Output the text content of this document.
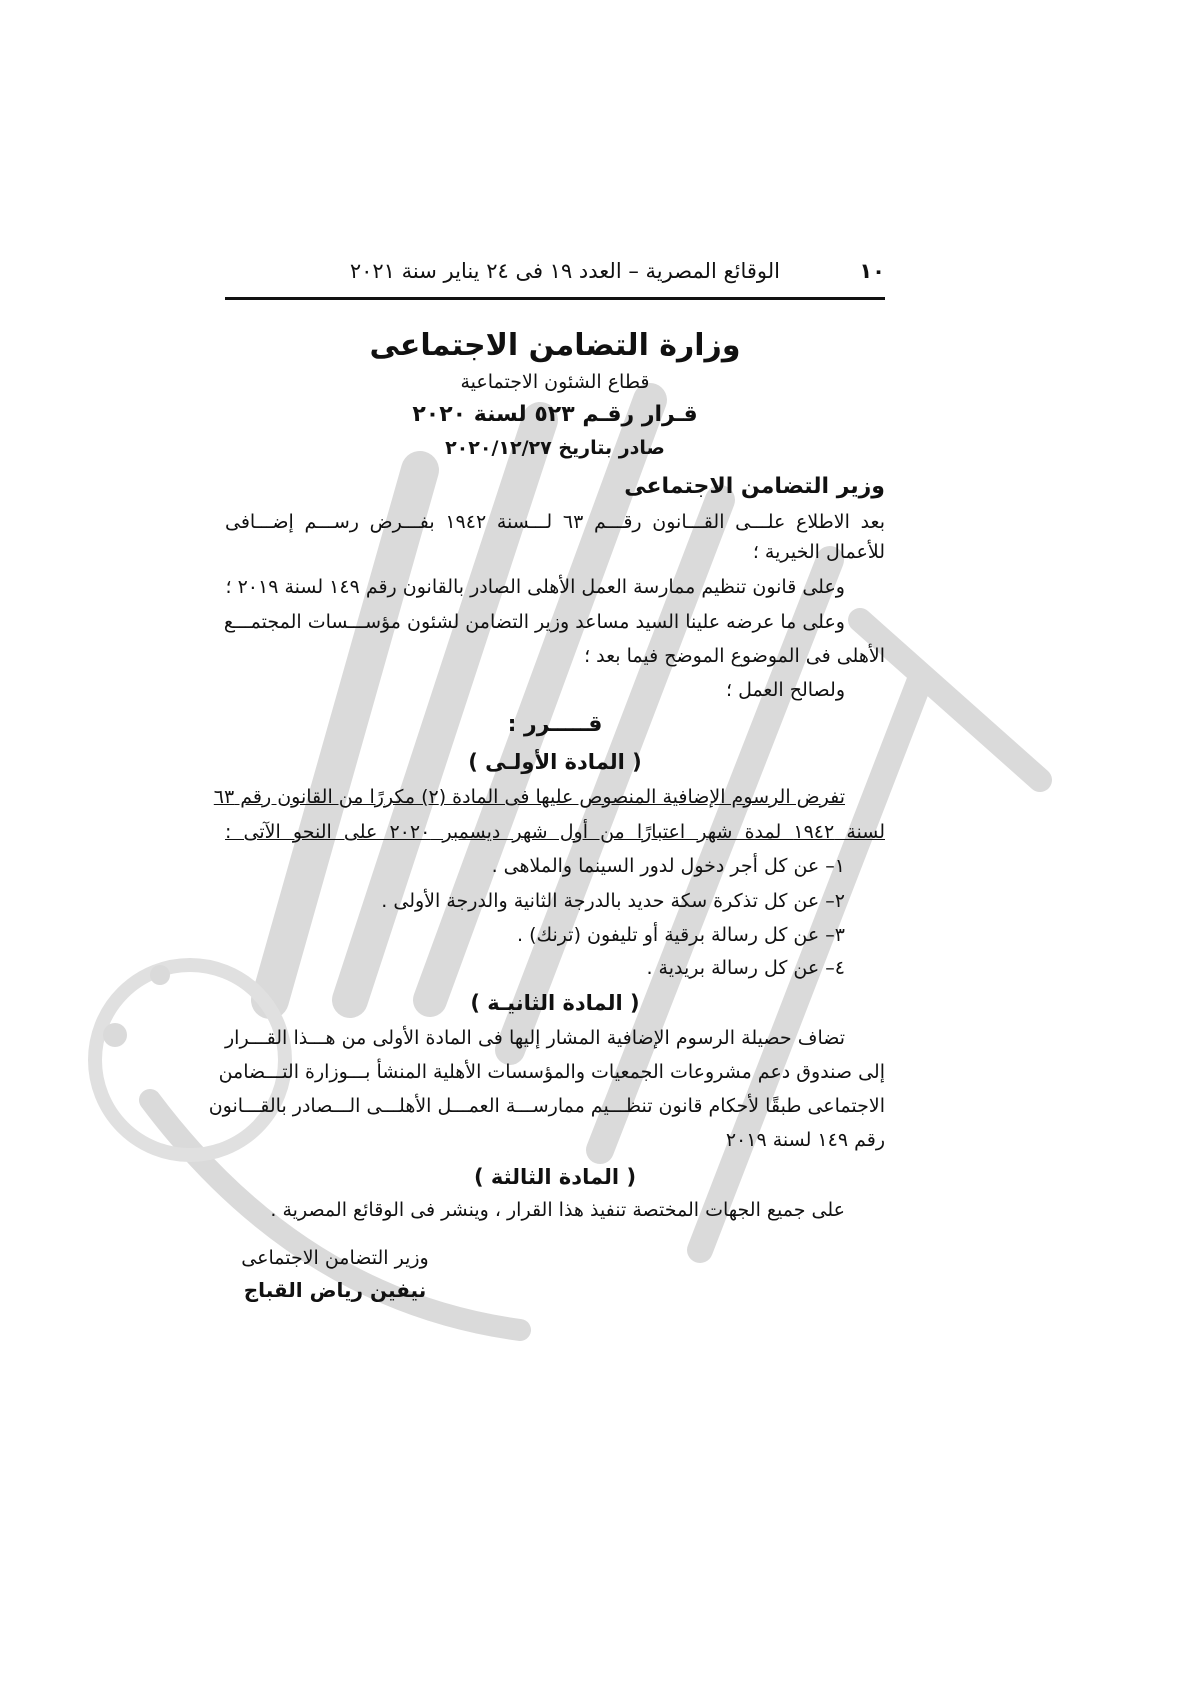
١٠
الوقائع المصرية – العدد ١٩ فى ٢٤ يناير سنة ٢٠٢١
وزارة التضامن الاجتماعى
قطاع الشئون الاجتماعية
قـرار رقـم ٥٢٣ لسنة ٢٠٢٠
صادر بتاريخ ٢٠٢٠/١٢/٢٧
وزير التضامن الاجتماعى
بعد الاطلاع علـــى القـــانون رقـــم ٦٣ لـــسنة ١٩٤٢ بفـــرض رســـم إضـــافى
للأعمال الخيرية ؛
وعلى قانون تنظيم ممارسة العمل الأهلى الصادر بالقانون رقم ١٤٩ لسنة ٢٠١٩ ؛
وعلى ما عرضه علينا السيد مساعد وزير التضامن لشئون مؤســـسات المجتمـــع
الأهلى فى الموضوع الموضح فيما بعد ؛
ولصالح العمل ؛
قـــــرر :
( المادة الأولـى )
تفرض الرسوم الإضافية المنصوص عليها فى المادة (٢) مكررًا من القانون رقم ٦٣
لسنة ١٩٤٢ لمدة شهر اعتبارًا من أول شهر ديسمبر ٢٠٢٠ على النحو الآتى :
١– عن كل أجر دخول لدور السينما والملاهى .
٢– عن كل تذكرة سكة حديد بالدرجة الثانية والدرجة الأولى .
٣– عن كل رسالة برقية أو تليفون (ترنك) .
٤– عن كل رسالة بريدية .
( المادة الثانيـة )
تضاف حصيلة الرسوم الإضافية المشار إليها فى المادة الأولى من هـــذا القـــرار
إلى صندوق دعم مشروعات الجمعيات والمؤسسات الأهلية المنشأ بـــوزارة التـــضامن
الاجتماعى طبقًا لأحكام قانون تنظـــيم ممارســـة العمـــل الأهلـــى الـــصادر بالقـــانون
رقم ١٤٩ لسنة ٢٠١٩
( المادة الثالثة )
على جميع الجهات المختصة تنفيذ هذا القرار ، وينشر فى الوقائع المصرية .
وزير التضامن الاجتماعى
نيفين رياض القباج
